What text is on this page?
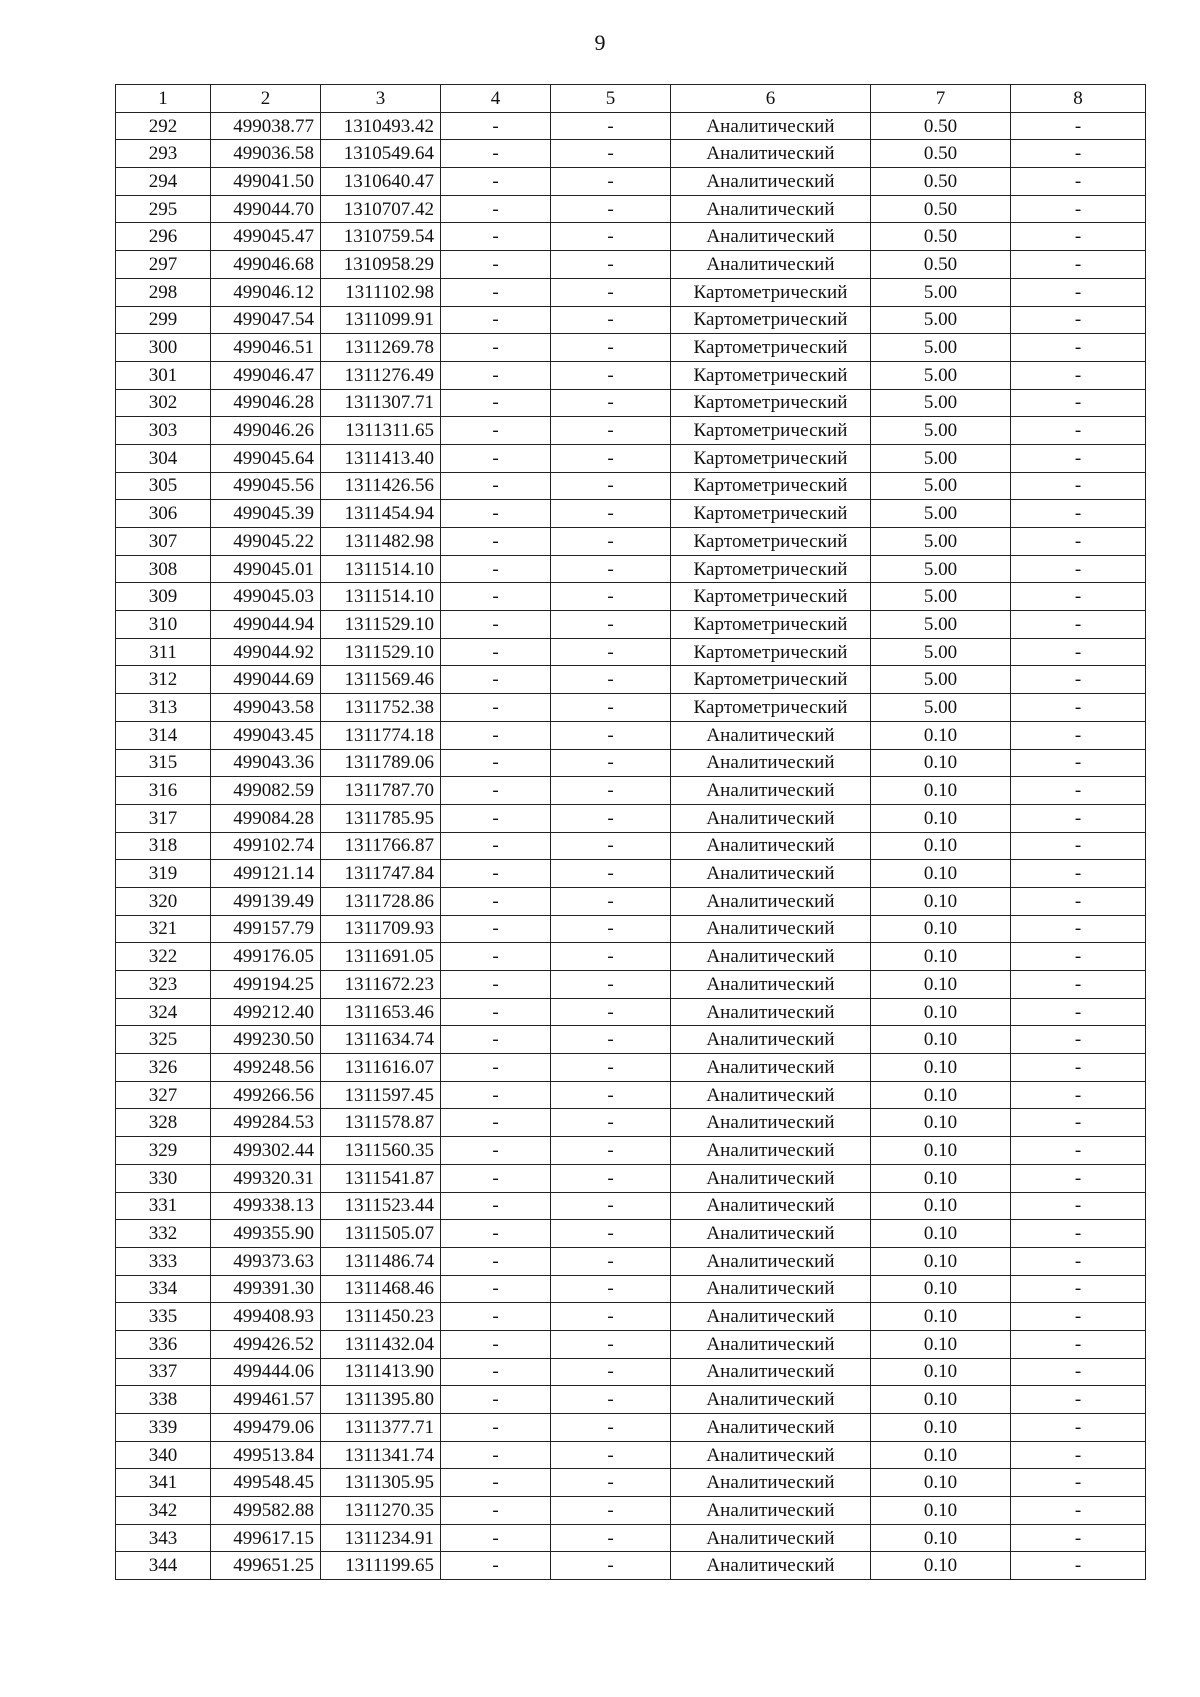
9
1	2	3	4	5	6	7	8
292	499038.77	1310493.42	-	-	Аналитический	0.50	-
293	499036.58	1310549.64	-	-	Аналитический	0.50	-
294	499041.50	1310640.47	-	-	Аналитический	0.50	-
295	499044.70	1310707.42	-	-	Аналитический	0.50	-
296	499045.47	1310759.54	-	-	Аналитический	0.50	-
297	499046.68	1310958.29	-	-	Аналитический	0.50	-
298	499046.12	1311102.98	-	-	Картометрический	5.00	-
299	499047.54	1311099.91	-	-	Картометрический	5.00	-
300	499046.51	1311269.78	-	-	Картометрический	5.00	-
301	499046.47	1311276.49	-	-	Картометрический	5.00	-
302	499046.28	1311307.71	-	-	Картометрический	5.00	-
303	499046.26	1311311.65	-	-	Картометрический	5.00	-
304	499045.64	1311413.40	-	-	Картометрический	5.00	-
305	499045.56	1311426.56	-	-	Картометрический	5.00	-
306	499045.39	1311454.94	-	-	Картометрический	5.00	-
307	499045.22	1311482.98	-	-	Картометрический	5.00	-
308	499045.01	1311514.10	-	-	Картометрический	5.00	-
309	499045.03	1311514.10	-	-	Картометрический	5.00	-
310	499044.94	1311529.10	-	-	Картометрический	5.00	-
311	499044.92	1311529.10	-	-	Картометрический	5.00	-
312	499044.69	1311569.46	-	-	Картометрический	5.00	-
313	499043.58	1311752.38	-	-	Картометрический	5.00	-
314	499043.45	1311774.18	-	-	Аналитический	0.10	-
315	499043.36	1311789.06	-	-	Аналитический	0.10	-
316	499082.59	1311787.70	-	-	Аналитический	0.10	-
317	499084.28	1311785.95	-	-	Аналитический	0.10	-
318	499102.74	1311766.87	-	-	Аналитический	0.10	-
319	499121.14	1311747.84	-	-	Аналитический	0.10	-
320	499139.49	1311728.86	-	-	Аналитический	0.10	-
321	499157.79	1311709.93	-	-	Аналитический	0.10	-
322	499176.05	1311691.05	-	-	Аналитический	0.10	-
323	499194.25	1311672.23	-	-	Аналитический	0.10	-
324	499212.40	1311653.46	-	-	Аналитический	0.10	-
325	499230.50	1311634.74	-	-	Аналитический	0.10	-
326	499248.56	1311616.07	-	-	Аналитический	0.10	-
327	499266.56	1311597.45	-	-	Аналитический	0.10	-
328	499284.53	1311578.87	-	-	Аналитический	0.10	-
329	499302.44	1311560.35	-	-	Аналитический	0.10	-
330	499320.31	1311541.87	-	-	Аналитический	0.10	-
331	499338.13	1311523.44	-	-	Аналитический	0.10	-
332	499355.90	1311505.07	-	-	Аналитический	0.10	-
333	499373.63	1311486.74	-	-	Аналитический	0.10	-
334	499391.30	1311468.46	-	-	Аналитический	0.10	-
335	499408.93	1311450.23	-	-	Аналитический	0.10	-
336	499426.52	1311432.04	-	-	Аналитический	0.10	-
337	499444.06	1311413.90	-	-	Аналитический	0.10	-
338	499461.57	1311395.80	-	-	Аналитический	0.10	-
339	499479.06	1311377.71	-	-	Аналитический	0.10	-
340	499513.84	1311341.74	-	-	Аналитический	0.10	-
341	499548.45	1311305.95	-	-	Аналитический	0.10	-
342	499582.88	1311270.35	-	-	Аналитический	0.10	-
343	499617.15	1311234.91	-	-	Аналитический	0.10	-
344	499651.25	1311199.65	-	-	Аналитический	0.10	-
